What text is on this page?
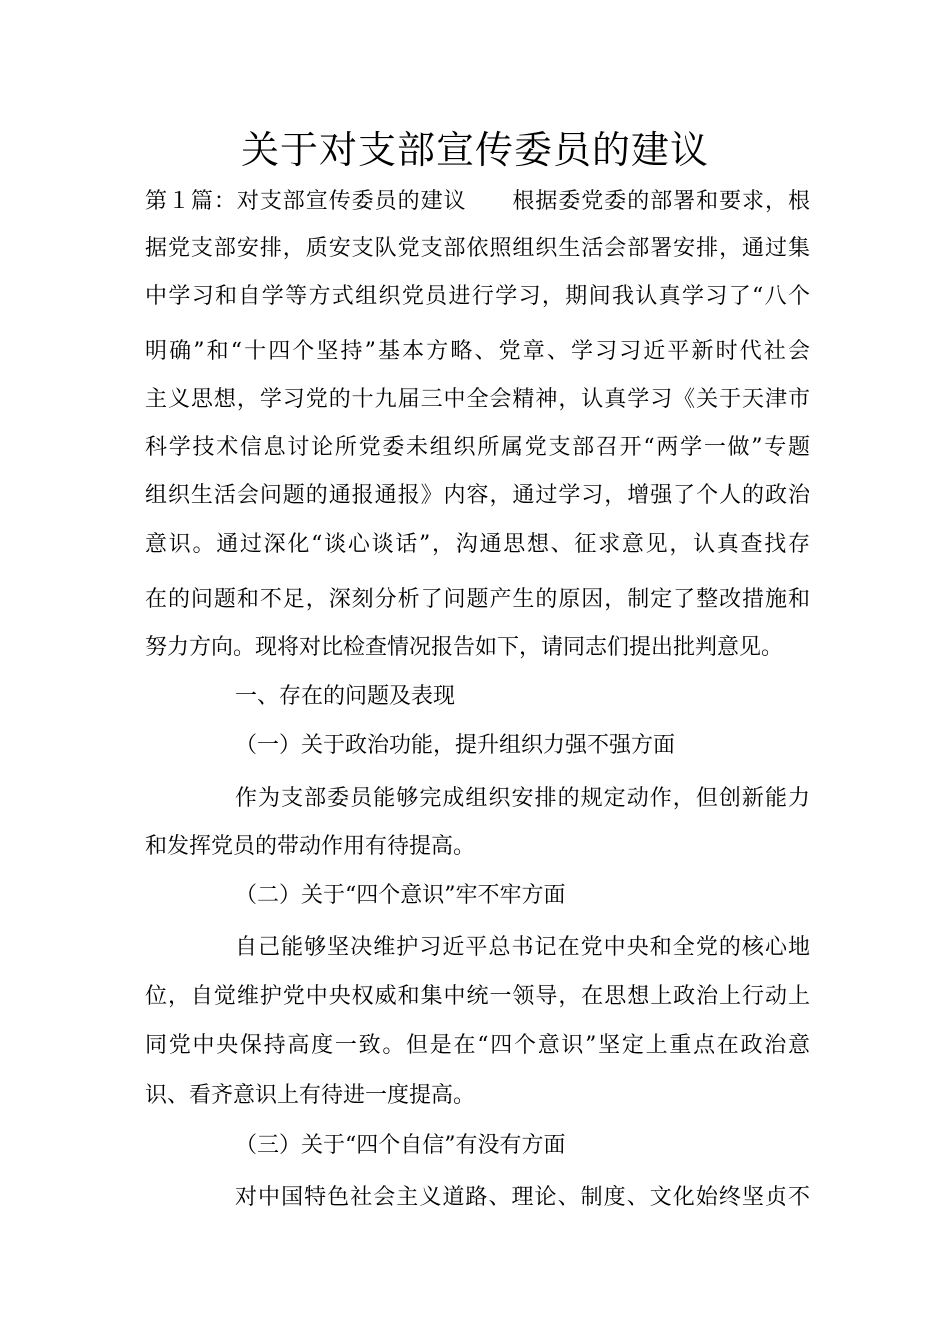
关于对支部宣传委员的建议
第１篇：对支部宣传委员的建议　　根据委党委的部署和要求，根
据党支部安排，质安支队党支部依照组织生活会部署安排，通过集
中学习和自学等方式组织党员进行学习，期间我认真学习了“八个
明确”和“十四个坚持”基本方略、党章、学习习近平新时代社会
主义思想，学习党的十九届三中全会精神，认真学习《关于天津市
科学技术信息讨论所党委未组织所属党支部召开“两学一做”专题
组织生活会问题的通报通报》内容，通过学习，增强了个人的政治
意识。通过深化“谈心谈话”，沟通思想、征求意见，认真查找存
在的问题和不足，深刻分析了问题产生的原因，制定了整改措施和
努力方向。现将对比检查情况报告如下，请同志们提出批判意见。
一、存在的问题及表现
（一）关于政治功能，提升组织力强不强方面
作为支部委员能够完成组织安排的规定动作，但创新能力
和发挥党员的带动作用有待提高。
（二）关于“四个意识”牢不牢方面
自己能够坚决维护习近平总书记在党中央和全党的核心地
位，自觉维护党中央权威和集中统一领导，在思想上政治上行动上
同党中央保持高度一致。但是在“四个意识”坚定上重点在政治意
识、看齐意识上有待进一度提高。
（三）关于“四个自信”有没有方面
对中国特色社会主义道路、理论、制度、文化始终坚贞不
